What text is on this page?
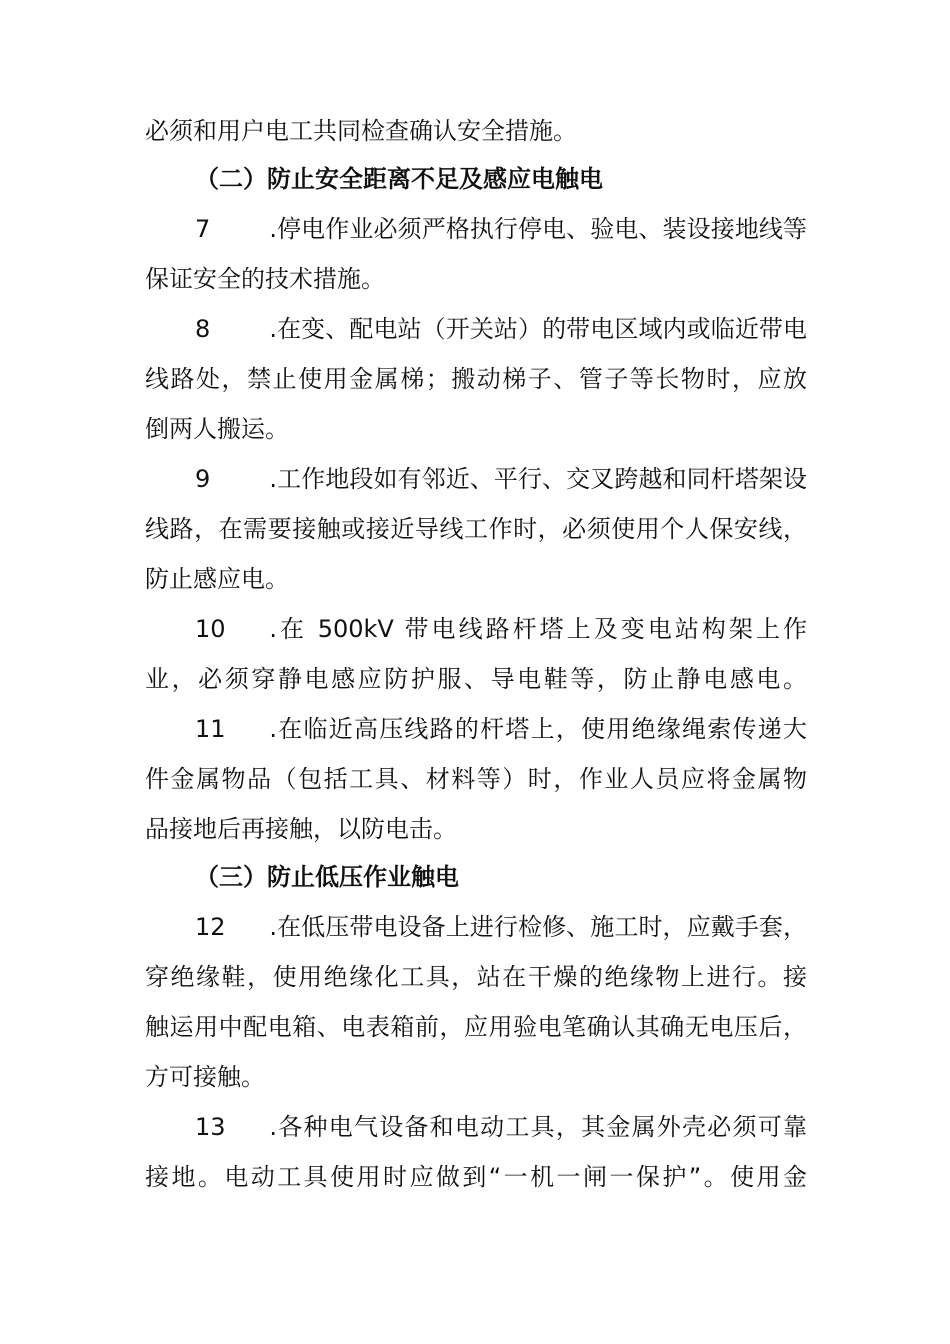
必须和用户电工共同检查确认安全措施。
（二）防止安全距离不足及感应电触电
7 .停电作业必须严格执行停电、验电、装设接地线等
保证安全的技术措施。
8 .在变、配电站（开关站）的带电区域内或临近带电
线路处，禁止使用金属梯；搬动梯子、管子等长物时，应放
倒两人搬运。
9 .工作地段如有邻近、平行、交叉跨越和同杆塔架设
线路，在需要接触或接近导线工作时，必须使用个人保安线，
防止感应电。
10 .在 500kV 带电线路杆塔上及变电站构架上作
业，必须穿静电感应防护服、导电鞋等，防止静电感电。
11 .在临近高压线路的杆塔上，使用绝缘绳索传递大
件金属物品（包括工具、材料等）时，作业人员应将金属物
品接地后再接触，以防电击。
（三）防止低压作业触电
12 .在低压带电设备上进行检修、施工时，应戴手套，
穿绝缘鞋，使用绝缘化工具，站在干燥的绝缘物上进行。接
触运用中配电箱、电表箱前，应用验电笔确认其确无电压后，
方可接触。
13 .各种电气设备和电动工具，其金属外壳必须可靠
接地。电动工具使用时应做到“一机一闸一保护”。使用金
